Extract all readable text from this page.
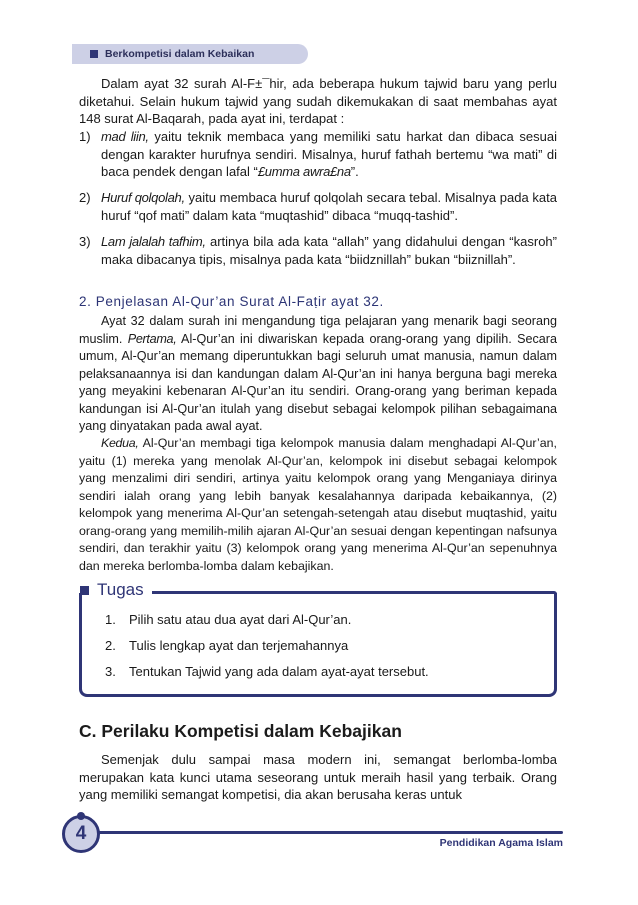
Berkompetisi dalam Kebaikan
Dalam ayat 32 surah Al-F±¯hir, ada beberapa hukum tajwid baru yang perlu diketahui. Selain hukum tajwid yang sudah dikemukakan di saat membahas ayat 148 surat Al-Baqarah, pada ayat ini, terdapat :
1) mad liin, yaitu teknik membaca yang memiliki satu harkat dan dibaca sesuai dengan karakter hurufnya sendiri. Misalnya, huruf fathah bertemu “wa mati” di baca pendek dengan lafal “£umma awra£na”.
2) Huruf qolqolah, yaitu membaca huruf qolqolah secara tebal. Misalnya pada kata huruf “qof mati” dalam kata “muqtashid” dibaca “muqq-tashid”.
3) Lam jalalah tafhim, artinya bila ada kata “allah” yang didahului dengan “kasroh” maka dibacanya tipis, misalnya pada kata “biidznillah” bukan “biiznillah”.
2. Penjelasan Al-Qur’an Surat Al-Faṭir ayat 32.
Ayat 32 dalam surah ini mengandung tiga pelajaran yang menarik bagi seorang muslim. Pertama, Al-Qur’an ini diwariskan kepada orang-orang yang dipilih. Secara umum, Al-Qur’an memang diperuntukkan bagi seluruh umat manusia, namun dalam pelaksanaannya isi dan kandungan dalam Al-Qur’an ini hanya berguna bagi mereka yang meyakini kebenaran Al-Qur’an itu sendiri. Orang-orang yang beriman kepada kandungan isi Al-Qur’an itulah yang disebut sebagai kelompok pilihan sebagaimana yang dinyatakan pada awal ayat.
Kedua, Al-Qur’an membagi tiga kelompok manusia dalam menghadapi Al-Qur’an, yaitu (1) mereka yang menolak Al-Qur’an, kelompok ini disebut sebagai kelompok yang menzalimi diri sendiri, artinya yaitu kelompok orang yang Menganiaya dirinya sendiri ialah orang yang lebih banyak kesalahannya daripada kebaikannya, (2) kelompok yang menerima Al-Qur’an setengah-setengah atau disebut muqtashid, yaitu orang-orang yang memilih-milih ajaran Al-Qur’an sesuai dengan kepentingan nafsunya sendiri, dan terakhir yaitu (3) kelompok orang yang menerima Al-Qur’an sepenuhnya dan mereka berlomba-lomba dalam kebajikan.
Tugas
1. Pilih satu atau dua ayat dari Al-Qur’an.
2. Tulis lengkap ayat dan terjemahannya
3. Tentukan Tajwid yang ada dalam ayat-ayat tersebut.
C. Perilaku Kompetisi dalam Kebajikan
Semenjak dulu sampai masa modern ini, semangat berlomba-lomba merupakan kata kunci utama seseorang untuk meraih hasil yang terbaik. Orang yang memiliki semangat kompetisi, dia akan berusaha keras untuk
4	Pendidikan Agama Islam
